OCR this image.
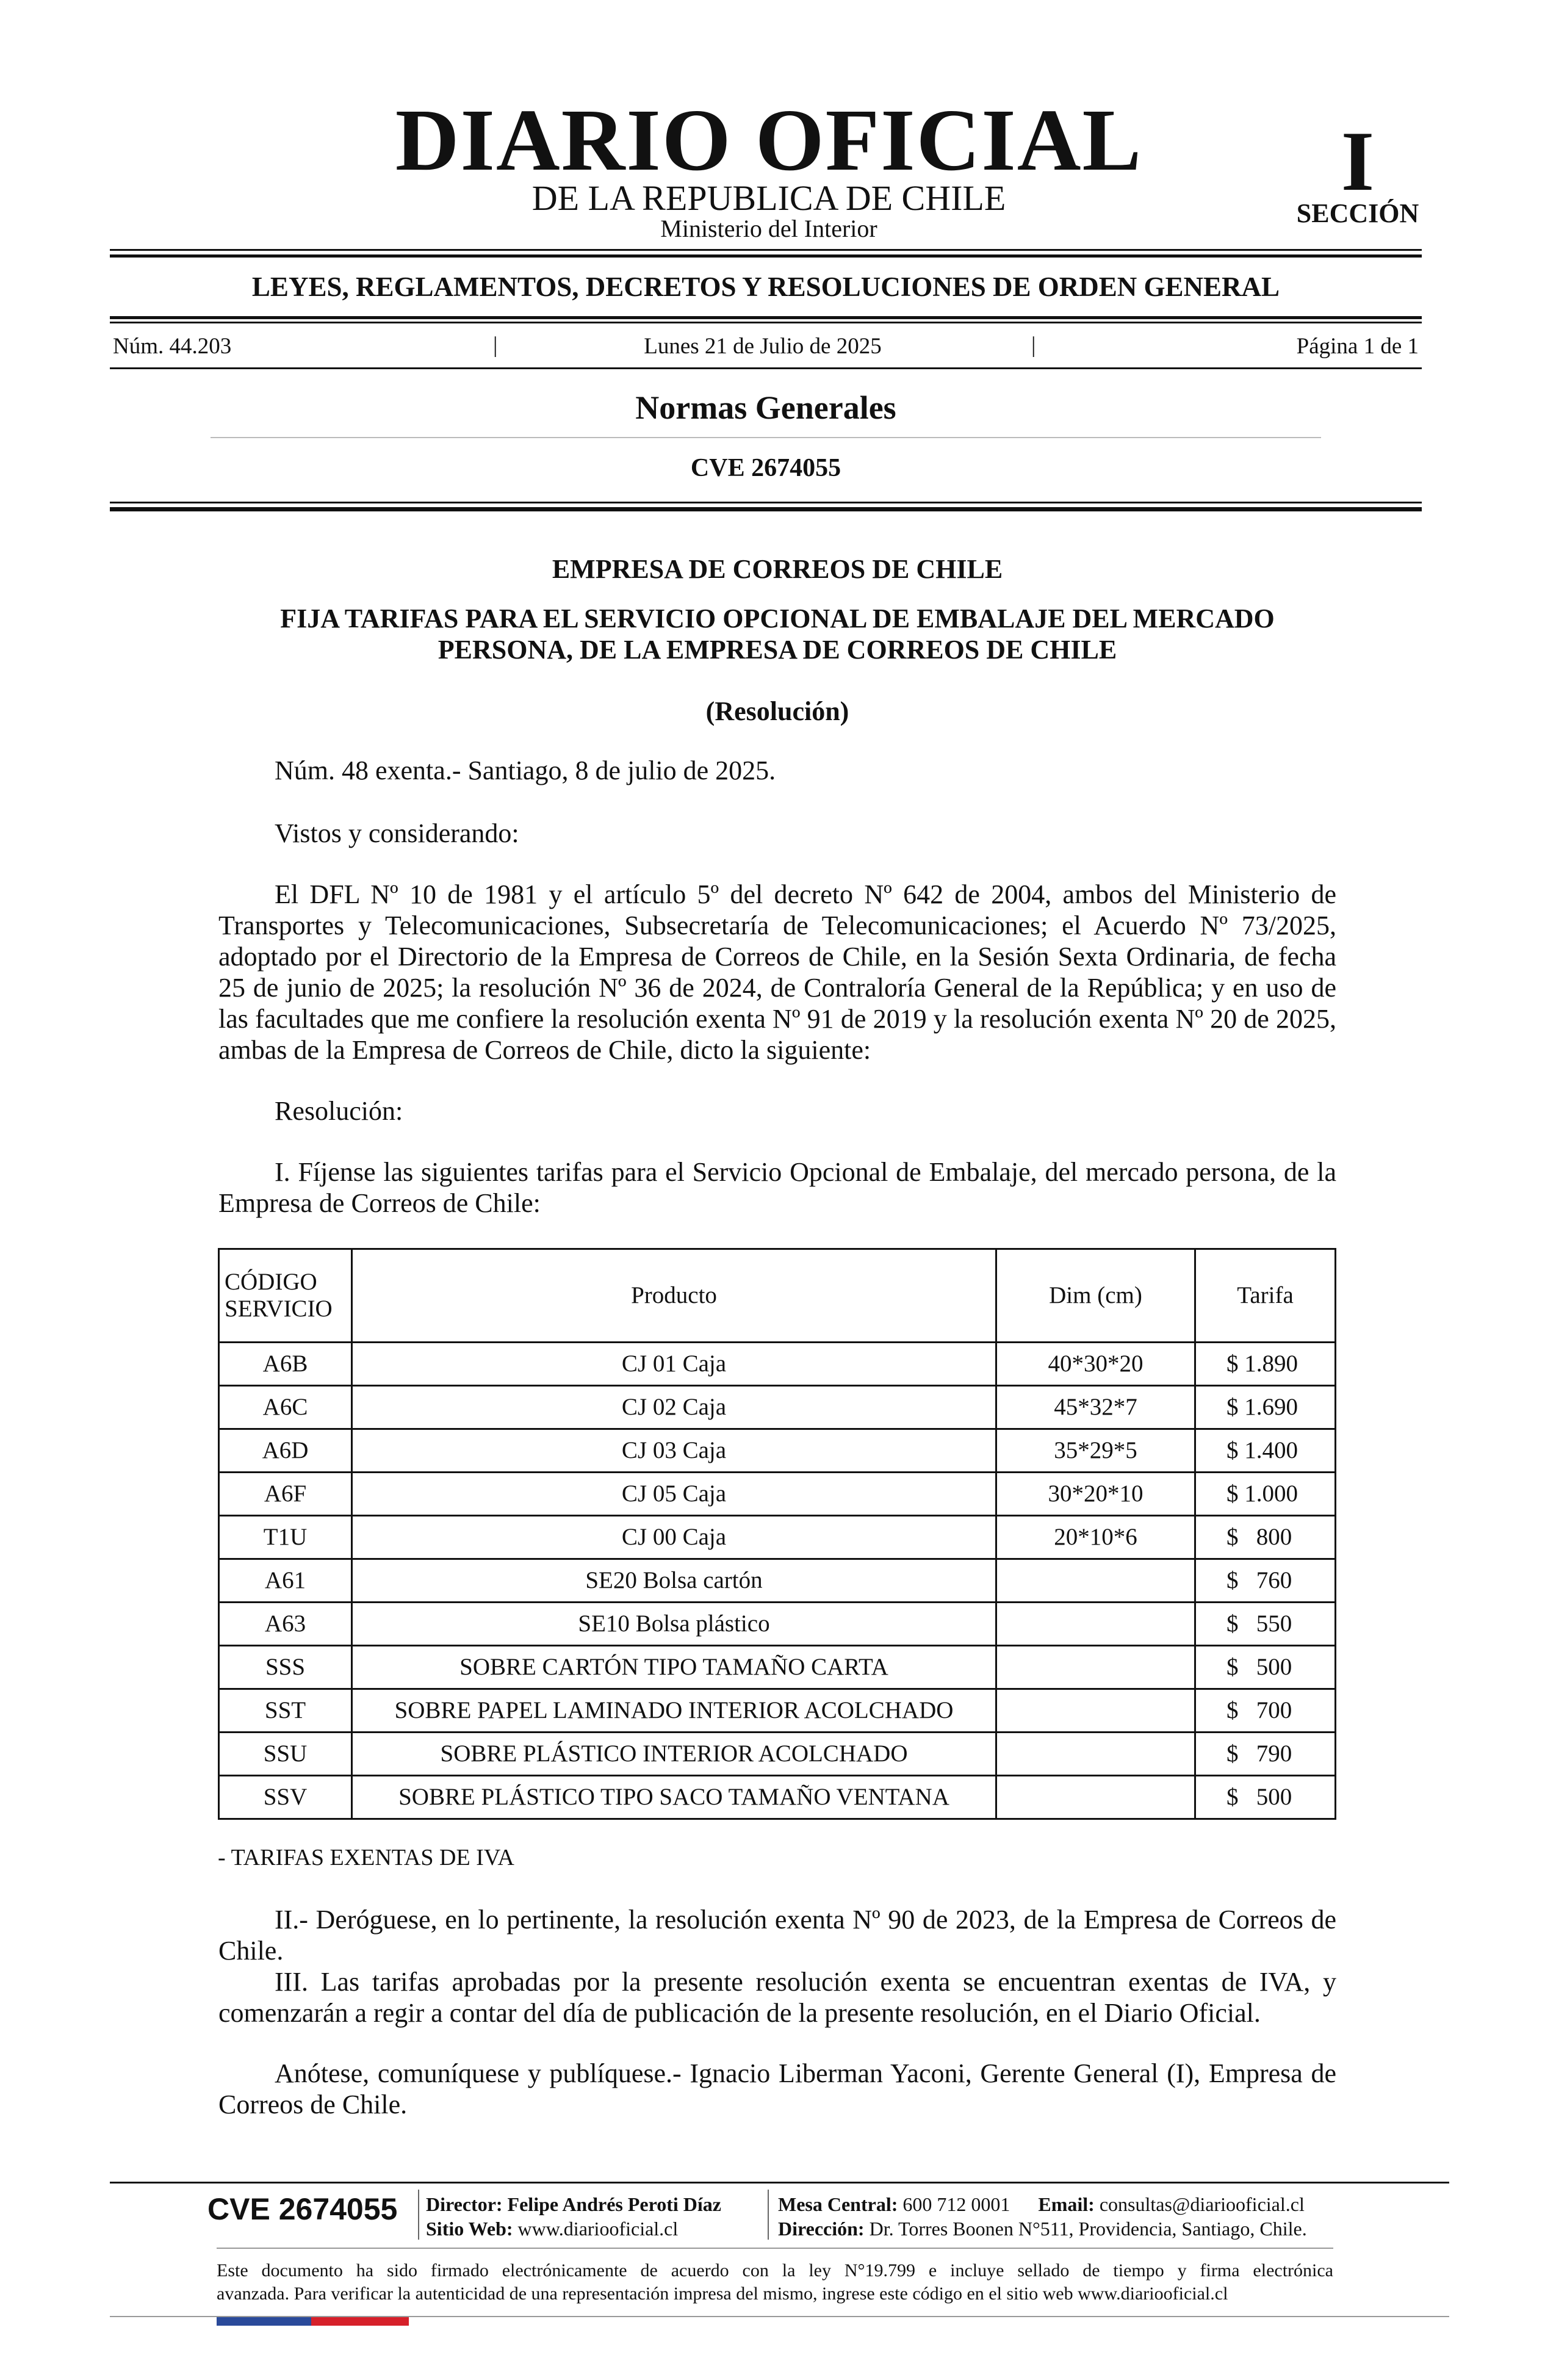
DIARIO OFICIAL
DE LA REPUBLICA DE CHILE
Ministerio del Interior
I
SECCIÓN
LEYES, REGLAMENTOS, DECRETOS Y RESOLUCIONES DE ORDEN GENERAL
Núm. 44.203	|	Lunes 21 de Julio de 2025	|	Página 1 de 1
Normas Generales
CVE 2674055
EMPRESA DE CORREOS DE CHILE
FIJA TARIFAS PARA EL SERVICIO OPCIONAL DE EMBALAJE DEL MERCADO PERSONA, DE LA EMPRESA DE CORREOS DE CHILE
(Resolución)
Núm. 48 exenta.- Santiago, 8 de julio de 2025.
Vistos y considerando:
El DFL Nº 10 de 1981 y el artículo 5º del decreto Nº 642 de 2004, ambos del Ministerio de Transportes y Telecomunicaciones, Subsecretaría de Telecomunicaciones; el Acuerdo Nº 73/2025, adoptado por el Directorio de la Empresa de Correos de Chile, en la Sesión Sexta Ordinaria, de fecha 25 de junio de 2025; la resolución Nº 36 de 2024, de Contraloría General de la República; y en uso de las facultades que me confiere la resolución exenta Nº 91 de 2019 y la resolución exenta Nº 20 de 2025, ambas de la Empresa de Correos de Chile, dicto la siguiente:
Resolución:
I. Fíjense las siguientes tarifas para el Servicio Opcional de Embalaje, del mercado persona, de la Empresa de Correos de Chile:
CÓDIGO SERVICIO	Producto	Dim (cm)	Tarifa
A6B	CJ 01 Caja	40*30*20	$ 1.890
A6C	CJ 02 Caja	45*32*7	$ 1.690
A6D	CJ 03 Caja	35*29*5	$ 1.400
A6F	CJ 05 Caja	30*20*10	$ 1.000
T1U	CJ 00 Caja	20*10*6	$   800
A61	SE20 Bolsa cartón		$   760
A63	SE10 Bolsa plástico		$   550
SSS	SOBRE CARTÓN TIPO TAMAÑO CARTA		$   500
SST	SOBRE PAPEL LAMINADO INTERIOR ACOLCHADO		$   700
SSU	SOBRE PLÁSTICO INTERIOR ACOLCHADO		$   790
SSV	SOBRE PLÁSTICO TIPO SACO TAMAÑO VENTANA		$   500
- TARIFAS EXENTAS DE IVA
II.- Deróguese, en lo pertinente, la resolución exenta Nº 90 de 2023, de la Empresa de Correos de Chile.
III. Las tarifas aprobadas por la presente resolución exenta se encuentran exentas de IVA, y comenzarán a regir a contar del día de publicación de la presente resolución, en el Diario Oficial.
Anótese, comuníquese y publíquese.- Ignacio Liberman Yaconi, Gerente General (I), Empresa de Correos de Chile.
CVE 2674055	Director: Felipe Andrés Peroti Díaz
Sitio Web: www.diariooficial.cl
Mesa Central: 600 712 0001 Email: consultas@diariooficial.cl
Dirección: Dr. Torres Boonen N°511, Providencia, Santiago, Chile.
Este documento ha sido firmado electrónicamente de acuerdo con la ley N°19.799 e incluye sellado de tiempo y firma electrónica
avanzada. Para verificar la autenticidad de una representación impresa del mismo, ingrese este código en el sitio web www.diariooficial.cl
